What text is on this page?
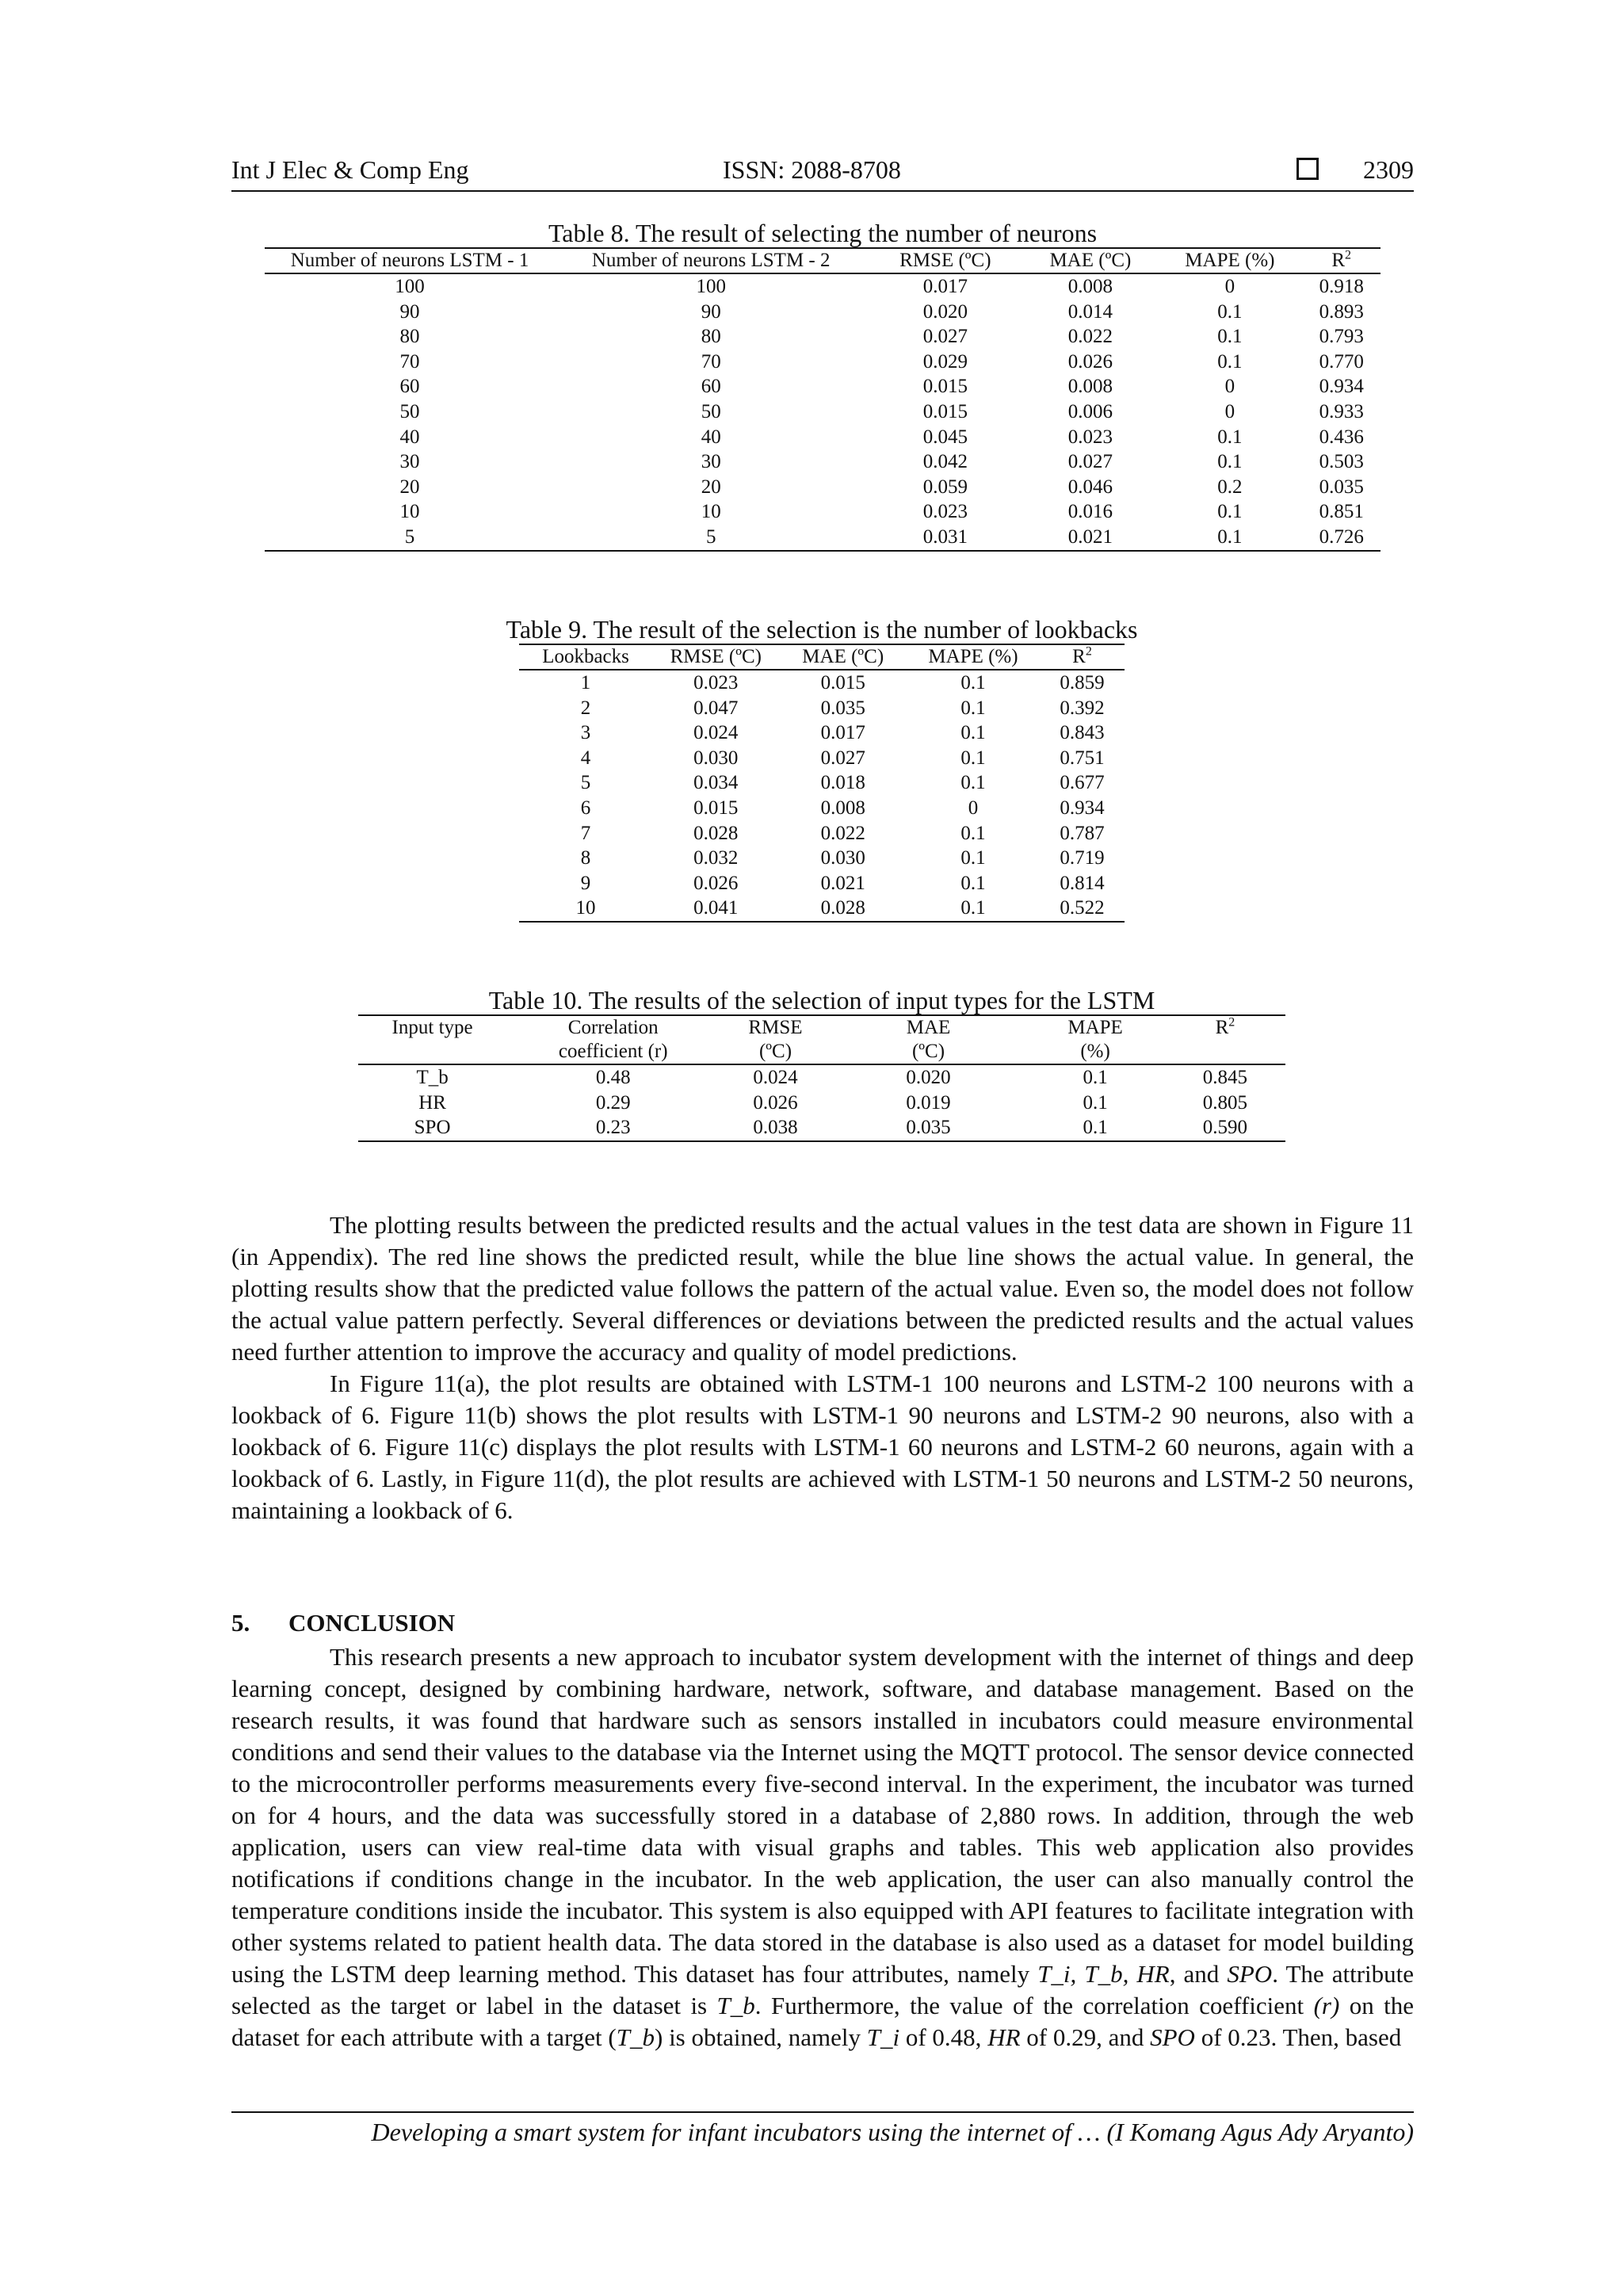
Int J Elec & Comp Eng	ISSN: 2088-8708	2309
Table 8. The result of selecting the number of neurons
Number of neurons LSTM - 1	Number of neurons LSTM - 2	RMSE (ºC)	MAE (ºC)	MAPE (%)	$R^2$
100	100	0.017	0.008	0	0.918
90	90	0.020	0.014	0.1	0.893
80	80	0.027	0.022	0.1	0.793
70	70	0.029	0.026	0.1	0.770
60	60	0.015	0.008	0	0.934
50	50	0.015	0.006	0	0.933
40	40	0.045	0.023	0.1	0.436
30	30	0.042	0.027	0.1	0.503
20	20	0.059	0.046	0.2	0.035
10	10	0.023	0.016	0.1	0.851
5	5	0.031	0.021	0.1	0.726
Table 9. The result of the selection is the number of lookbacks
Lookbacks	RMSE (ºC)	MAE (ºC)	MAPE (%)	$R^2$
1	0.023	0.015	0.1	0.859
2	0.047	0.035	0.1	0.392
3	0.024	0.017	0.1	0.843
4	0.030	0.027	0.1	0.751
5	0.034	0.018	0.1	0.677
6	0.015	0.008	0	0.934
7	0.028	0.022	0.1	0.787
8	0.032	0.030	0.1	0.719
9	0.026	0.021	0.1	0.814
10	0.041	0.028	0.1	0.522
Table 10. The results of the selection of input types for the LSTM
Input type	Correlation	RMSE	MAE	MAPE	$R^2$
	coefficient (r)	(ºC)	(ºC)	(%)	
T_b	0.48	0.024	0.020	0.1	0.845
HR	0.29	0.026	0.019	0.1	0.805
SPO	0.23	0.038	0.035	0.1	0.590

The plotting results between the predicted results and the actual values in the test data are shown in Figure 11 (in Appendix). The red line shows the predicted result, while the blue line shows the actual value. In general, the plotting results show that the predicted value follows the pattern of the actual value. Even so, the model does not follow the actual value pattern perfectly. Several differences or deviations between the predicted results and the actual values need further attention to improve the accuracy and quality of model predictions.

In Figure 11(a), the plot results are obtained with LSTM-1 100 neurons and LSTM-2 100 neurons with a lookback of 6. Figure 11(b) shows the plot results with LSTM-1 90 neurons and LSTM-2 90 neurons, also with a lookback of 6. Figure 11(c) displays the plot results with LSTM-1 60 neurons and LSTM-2 60 neurons, again with a lookback of 6. Lastly, in Figure 11(d), the plot results are achieved with LSTM-1 50 neurons and LSTM-2 50 neurons, maintaining a lookback of 6.

5. CONCLUSION

This research presents a new approach to incubator system development with the internet of things and deep learning concept, designed by combining hardware, network, software, and database management. Based on the research results, it was found that hardware such as sensors installed in incubators could measure environmental conditions and send their values to the database via the Internet using the MQTT protocol. The sensor device connected to the microcontroller performs measurements every five-second interval. In the experiment, the incubator was turned on for 4 hours, and the data was successfully stored in a database of 2,880 rows. In addition, through the web application, users can view real-time data with visual graphs and tables. This web application also provides notifications if conditions change in the incubator. In the web application, the user can also manually control the temperature conditions inside the incubator. This system is also equipped with API features to facilitate integration with other systems related to patient health data. The data stored in the database is also used as a dataset for model building using the LSTM deep learning method. This dataset has four attributes, namely T_i, T_b, HR, and SPO. The attribute selected as the target or label in the dataset is T_b. Furthermore, the value of the correlation coefficient (r) on the dataset for each attribute with a target (T_b) is obtained, namely T_i of 0.48, HR of 0.29, and SPO of 0.23. Then, based

Developing a smart system for infant incubators using the internet of … (I Komang Agus Ady Aryanto)
